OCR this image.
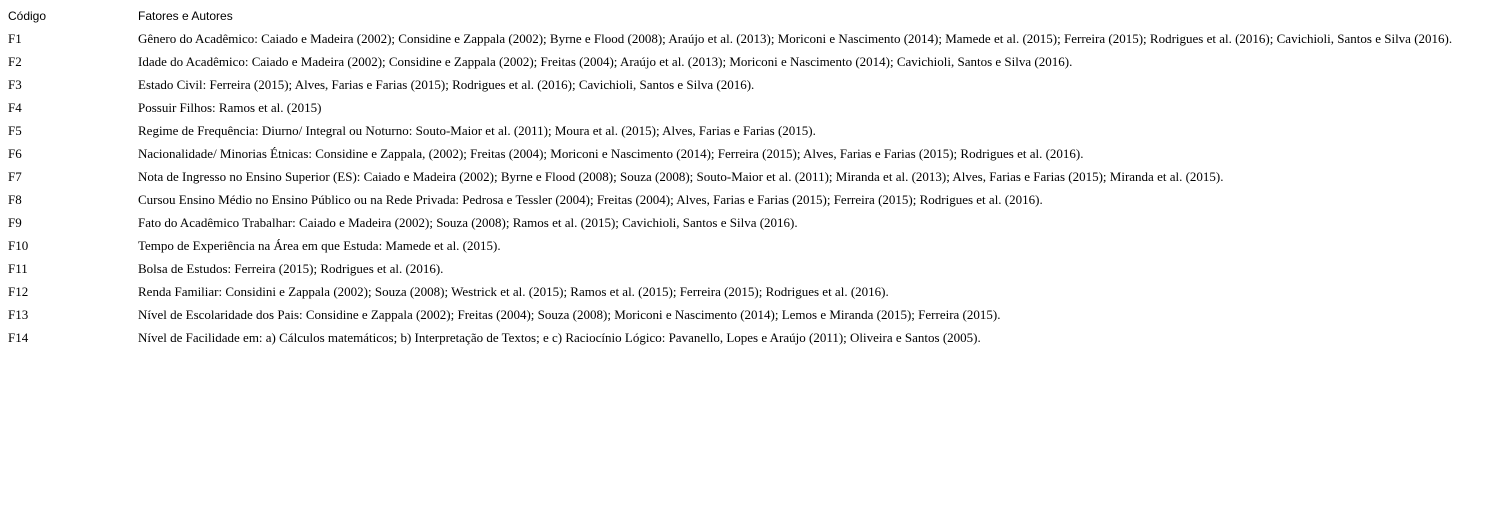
Código	Fatores e Autores
F1	Gênero do Acadêmico: Caiado e Madeira (2002); Considine e Zappala (2002); Byrne e Flood (2008); Araújo et al. (2013); Moriconi e Nascimento (2014); Mamede et al. (2015); Ferreira (2015); Rodrigues et al. (2016); Cavichioli, Santos e Silva (2016).
F2	Idade do Acadêmico: Caiado e Madeira (2002); Considine e Zappala (2002); Freitas (2004); Araújo et al. (2013); Moriconi e Nascimento (2014); Cavichioli, Santos e Silva (2016).
F3	Estado Civil: Ferreira (2015); Alves, Farias e Farias (2015); Rodrigues et al. (2016); Cavichioli, Santos e Silva (2016).
F4	Possuir Filhos: Ramos et al. (2015)
F5	Regime de Frequência: Diurno/ Integral ou Noturno: Souto-Maior et al. (2011); Moura et al. (2015); Alves, Farias e Farias (2015).
F6	Nacionalidade/ Minorias Étnicas: Considine e Zappala, (2002); Freitas (2004); Moriconi e Nascimento (2014); Ferreira (2015); Alves, Farias e Farias (2015); Rodrigues et al. (2016).
F7	Nota de Ingresso no Ensino Superior (ES): Caiado e Madeira (2002); Byrne e Flood (2008); Souza (2008); Souto-Maior et al. (2011); Miranda et al. (2013); Alves, Farias e Farias (2015); Miranda et al. (2015).
F8	Cursou Ensino Médio no Ensino Público ou na Rede Privada: Pedrosa e Tessler (2004); Freitas (2004); Alves, Farias e Farias (2015); Ferreira (2015); Rodrigues et al. (2016).
F9	Fato do Acadêmico Trabalhar: Caiado e Madeira (2002); Souza (2008); Ramos et al. (2015); Cavichioli, Santos e Silva (2016).
F10	Tempo de Experiência na Área em que Estuda: Mamede et al. (2015).
F11	Bolsa de Estudos: Ferreira (2015); Rodrigues et al. (2016).
F12	Renda Familiar: Considini e Zappala (2002); Souza (2008); Westrick et al. (2015); Ramos et al. (2015); Ferreira (2015); Rodrigues et al. (2016).
F13	Nível de Escolaridade dos Pais: Considine e Zappala (2002); Freitas (2004); Souza (2008); Moriconi e Nascimento (2014); Lemos e Miranda (2015); Ferreira (2015).
F14	Nível de Facilidade em: a) Cálculos matemáticos; b) Interpretação de Textos; e c) Raciocínio Lógico: Pavanello, Lopes e Araújo (2011); Oliveira e Santos (2005).
